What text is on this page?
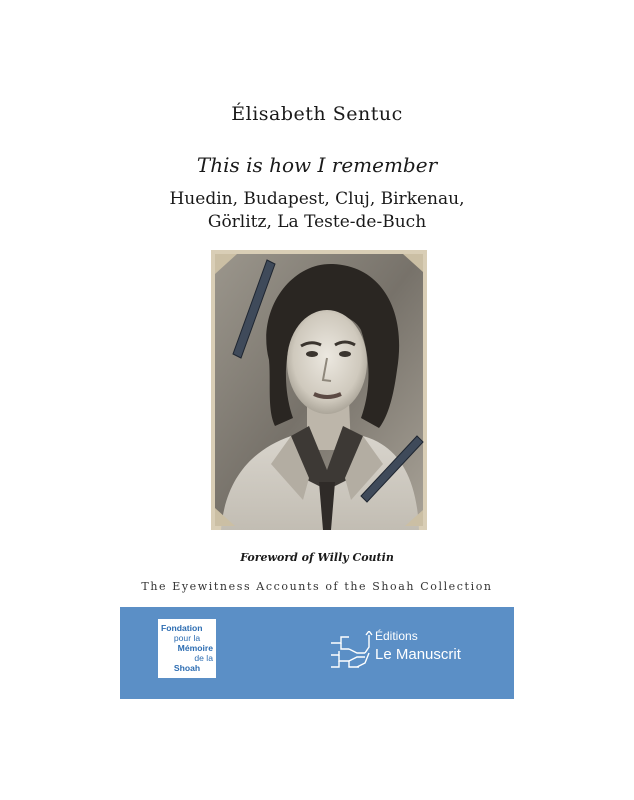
Élisabeth Sentuc
This is how I remember
Huedin, Budapest, Cluj, Birkenau,
Görlitz, La Teste-de-Buch
Foreword of Willy Coutin
The Eyewitness Accounts of the Shoah Collection
Fondation
pour la
Mémoire
de la
Shoah
Éditions
Le Manuscrit
